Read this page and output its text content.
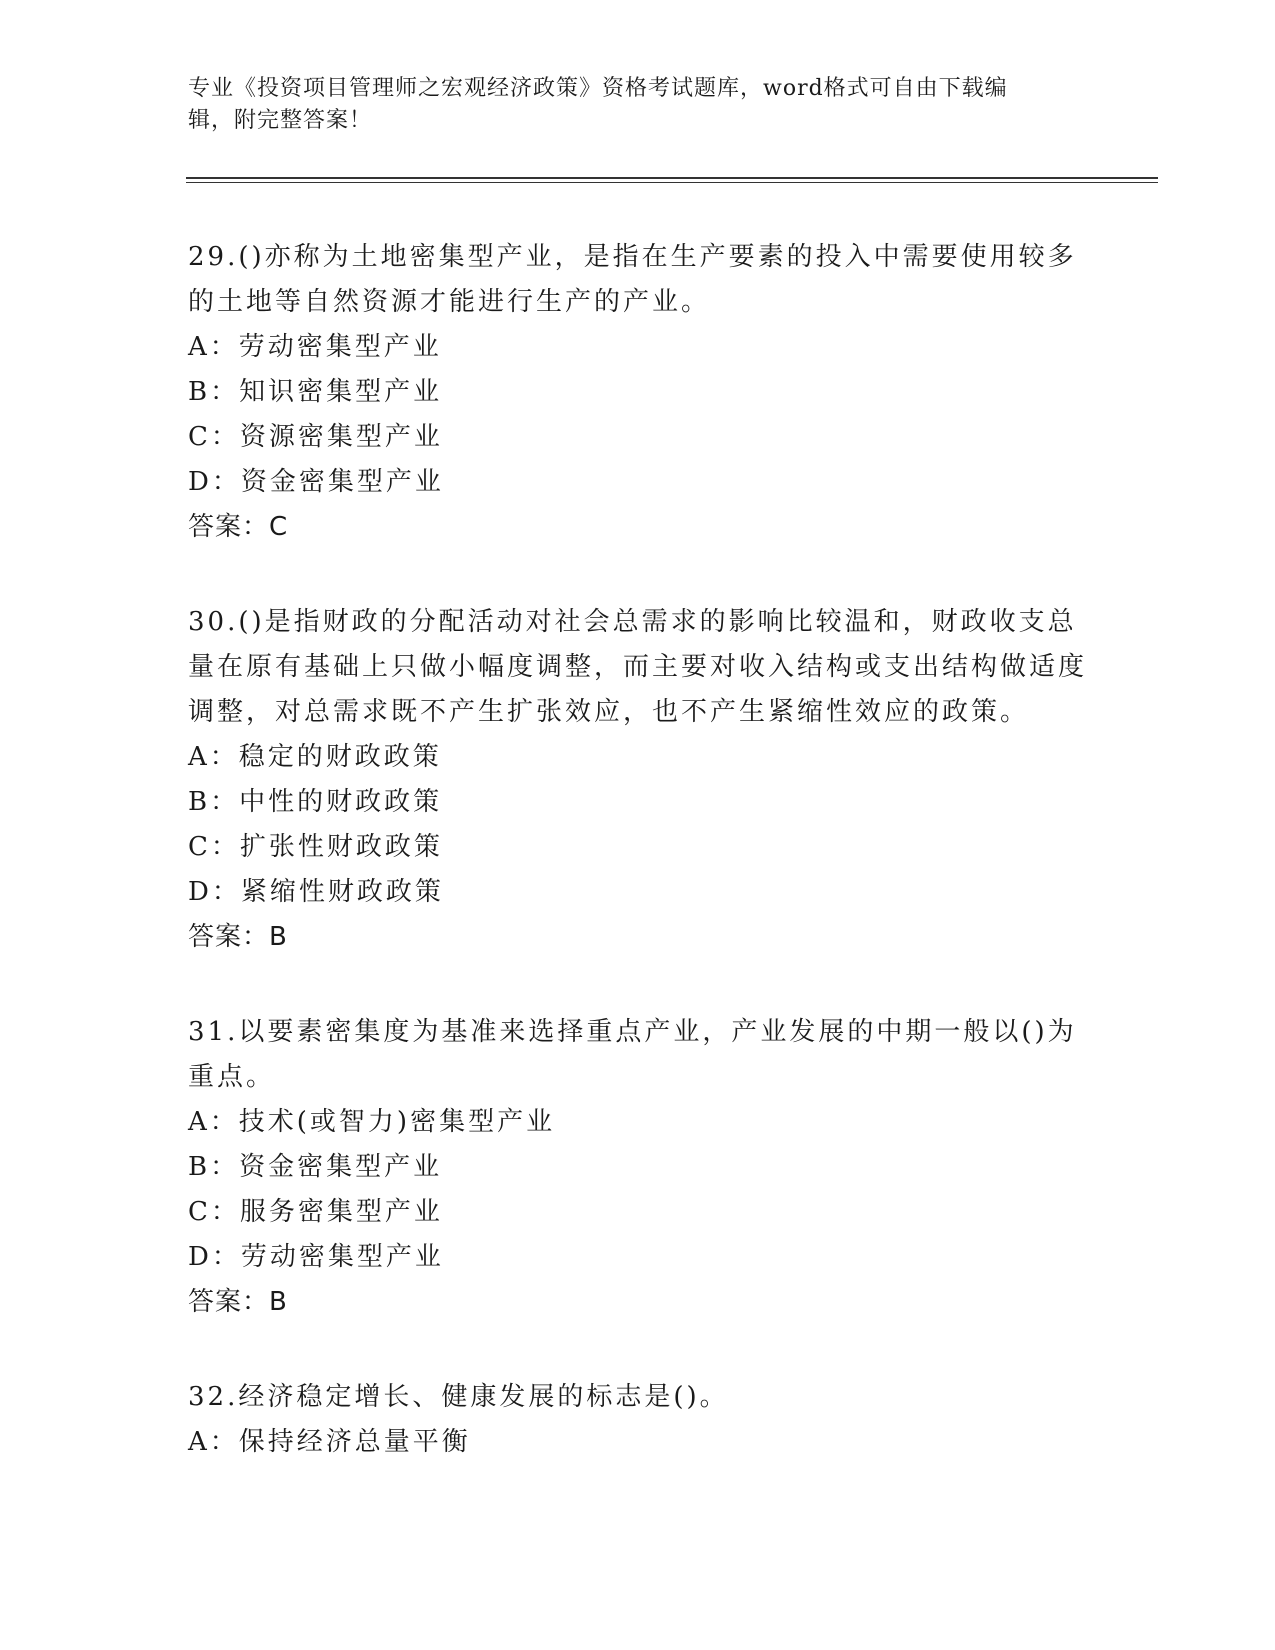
专业《投资项目管理师之宏观经济政策》资格考试题库，word格式可自由下载编
辑，附完整答案！
29.()亦称为土地密集型产业，是指在生产要素的投入中需要使用较多的土地等自然资源才能进行生产的产业。
A：劳动密集型产业
B：知识密集型产业
C：资源密集型产业
D：资金密集型产业
答案：C
30.()是指财政的分配活动对社会总需求的影响比较温和，财政收支总量在原有基础上只做小幅度调整，而主要对收入结构或支出结构做适度调整，对总需求既不产生扩张效应，也不产生紧缩性效应的政策。
A：稳定的财政政策
B：中性的财政政策
C：扩张性财政政策
D：紧缩性财政政策
答案：B
31.以要素密集度为基准来选择重点产业，产业发展的中期一般以()为重点。
A：技术(或智力)密集型产业
B：资金密集型产业
C：服务密集型产业
D：劳动密集型产业
答案：B
32.经济稳定增长、健康发展的标志是()。
A：保持经济总量平衡
